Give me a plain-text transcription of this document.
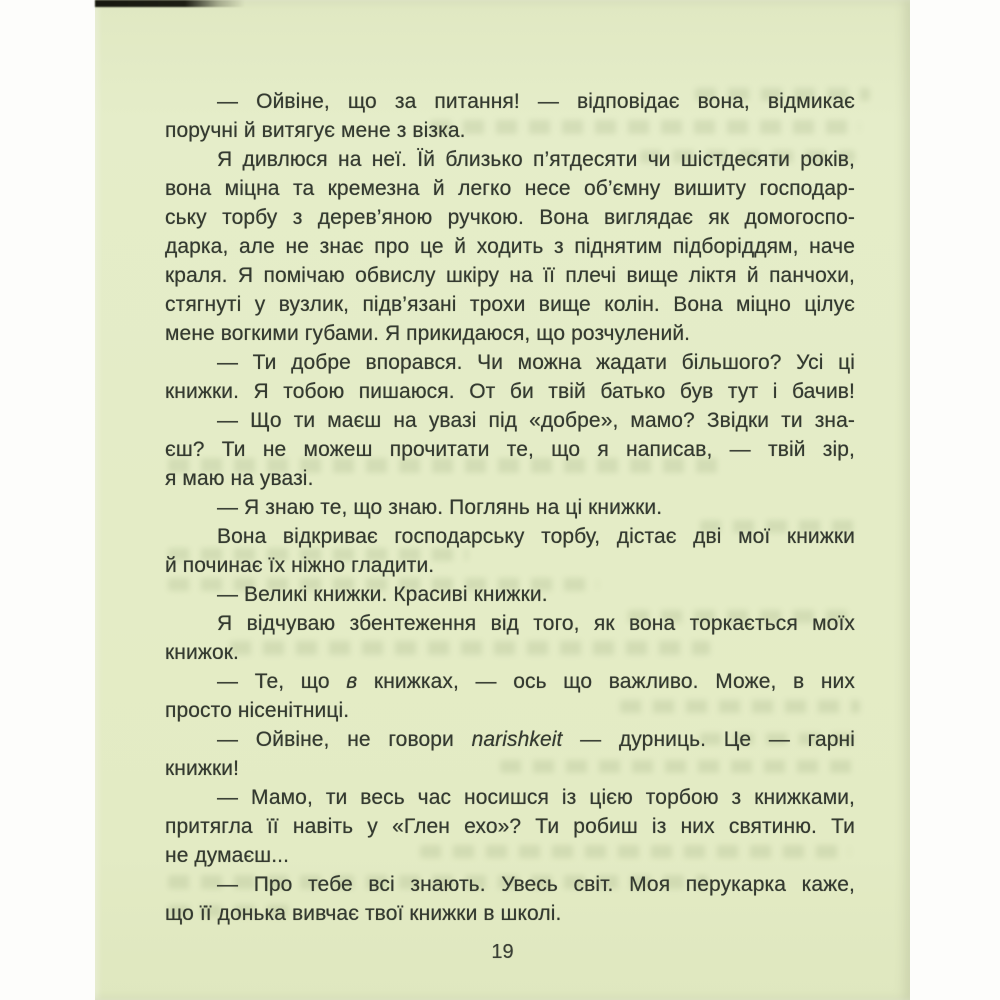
— Ойвіне, що за питання! — відповідає вона, відмикає
поручні й витягує мене з візка.
Я дивлюся на неї. Їй близько п’ятдесяти чи шістдесяти років,
вона міцна та кремезна й легко несе об’ємну вишиту господар-
ську торбу з дерев’яною ручкою. Вона виглядає як домогоспо-
дарка, але не знає про це й ходить з піднятим підборіддям, наче
краля. Я помічаю обвислу шкіру на її плечі вище ліктя й панчохи,
стягнуті у вузлик, підв’язані трохи вище колін. Вона міцно цілує
мене вогкими губами. Я прикидаюся, що розчулений.
— Ти добре впорався. Чи можна жадати більшого? Усі ці
книжки. Я тобою пишаюся. От би твій батько був тут і бачив!
— Що ти маєш на увазі під «добре», мамо? Звідки ти зна-
єш? Ти не можеш прочитати те, що я написав, — твій зір,
я маю на увазі.
— Я знаю те, що знаю. Поглянь на ці книжки.
Вона відкриває господарську торбу, дістає дві мої книжки
й починає їх ніжно гладити.
— Великі книжки. Красиві книжки.
Я відчуваю збентеження від того, як вона торкається моїх
книжок.
— Те, що в книжках, — ось що важливо. Може, в них
просто нісенітниці.
— Ойвіне, не говори narishkeit — дурниць. Це — гарні
книжки!
— Мамо, ти весь час носишся із цією торбою з книжками,
притягла її навіть у «Глен ехо»? Ти робиш із них святиню. Ти
не думаєш...
— Про тебе всі знають. Увесь світ. Моя перукарка каже,
що її донька вивчає твої книжки в школі.
19
